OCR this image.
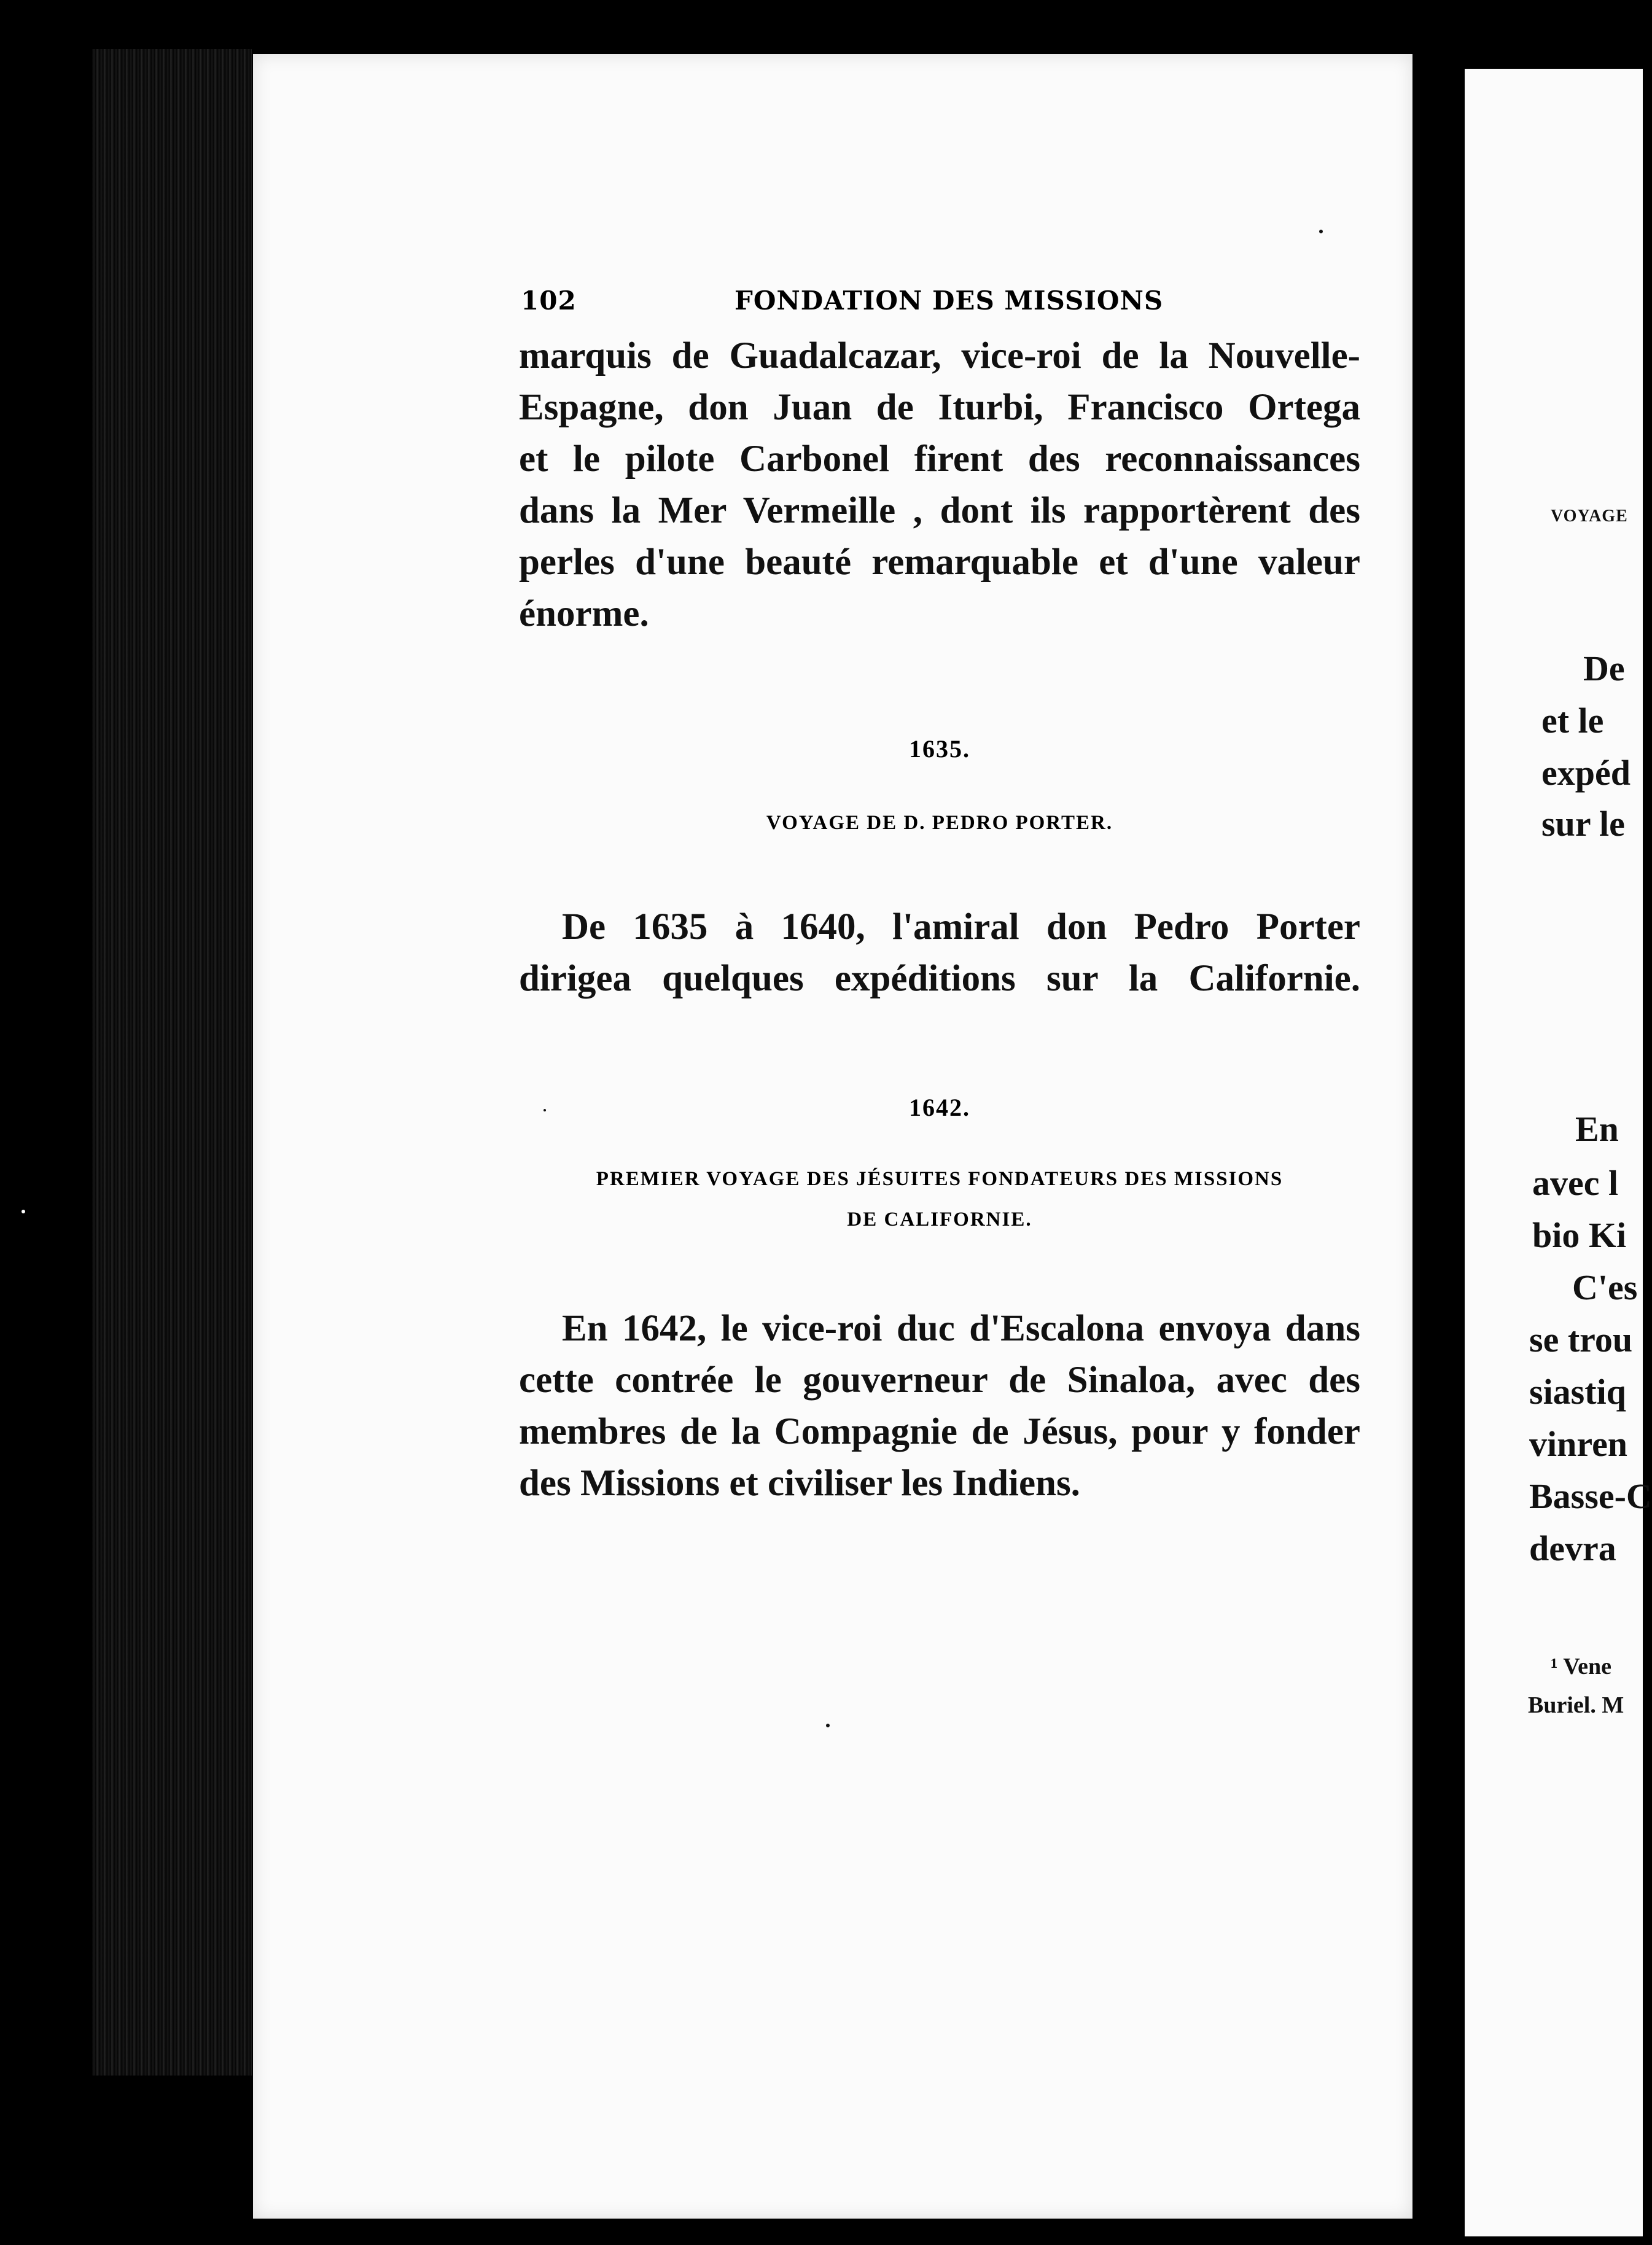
102	FONDATION DES MISSIONS
marquis de Guadalcazar, vice-roi de la Nouvelle-
Espagne, don Juan de Iturbi, Francisco Ortega
et le pilote Carbonel firent des reconnaissances
dans la Mer Vermeille , dont ils rapportèrent des
perles d'une beauté remarquable et d'une valeur
énorme.
1635.
VOYAGE DE D. PEDRO PORTER.
De 1635 à 1640, l'amiral don Pedro Porter
dirigea quelques expéditions sur la Californie.
1642.
PREMIER VOYAGE DES JÉSUITES FONDATEURS DES MISSIONS
DE CALIFORNIE.
En 1642, le vice-roi duc d'Escalona envoya dans
cette contrée le gouverneur de Sinaloa, avec des
membres de la Compagnie de Jésus, pour y fonder
des Missions et civiliser les Indiens.
VOYAGE
De
et le
expéd
sur le
En
avec l
bio Ki
C'es
se trou
siastiq
vinren
Basse-C
devra
¹ Vene
Buriel. M
